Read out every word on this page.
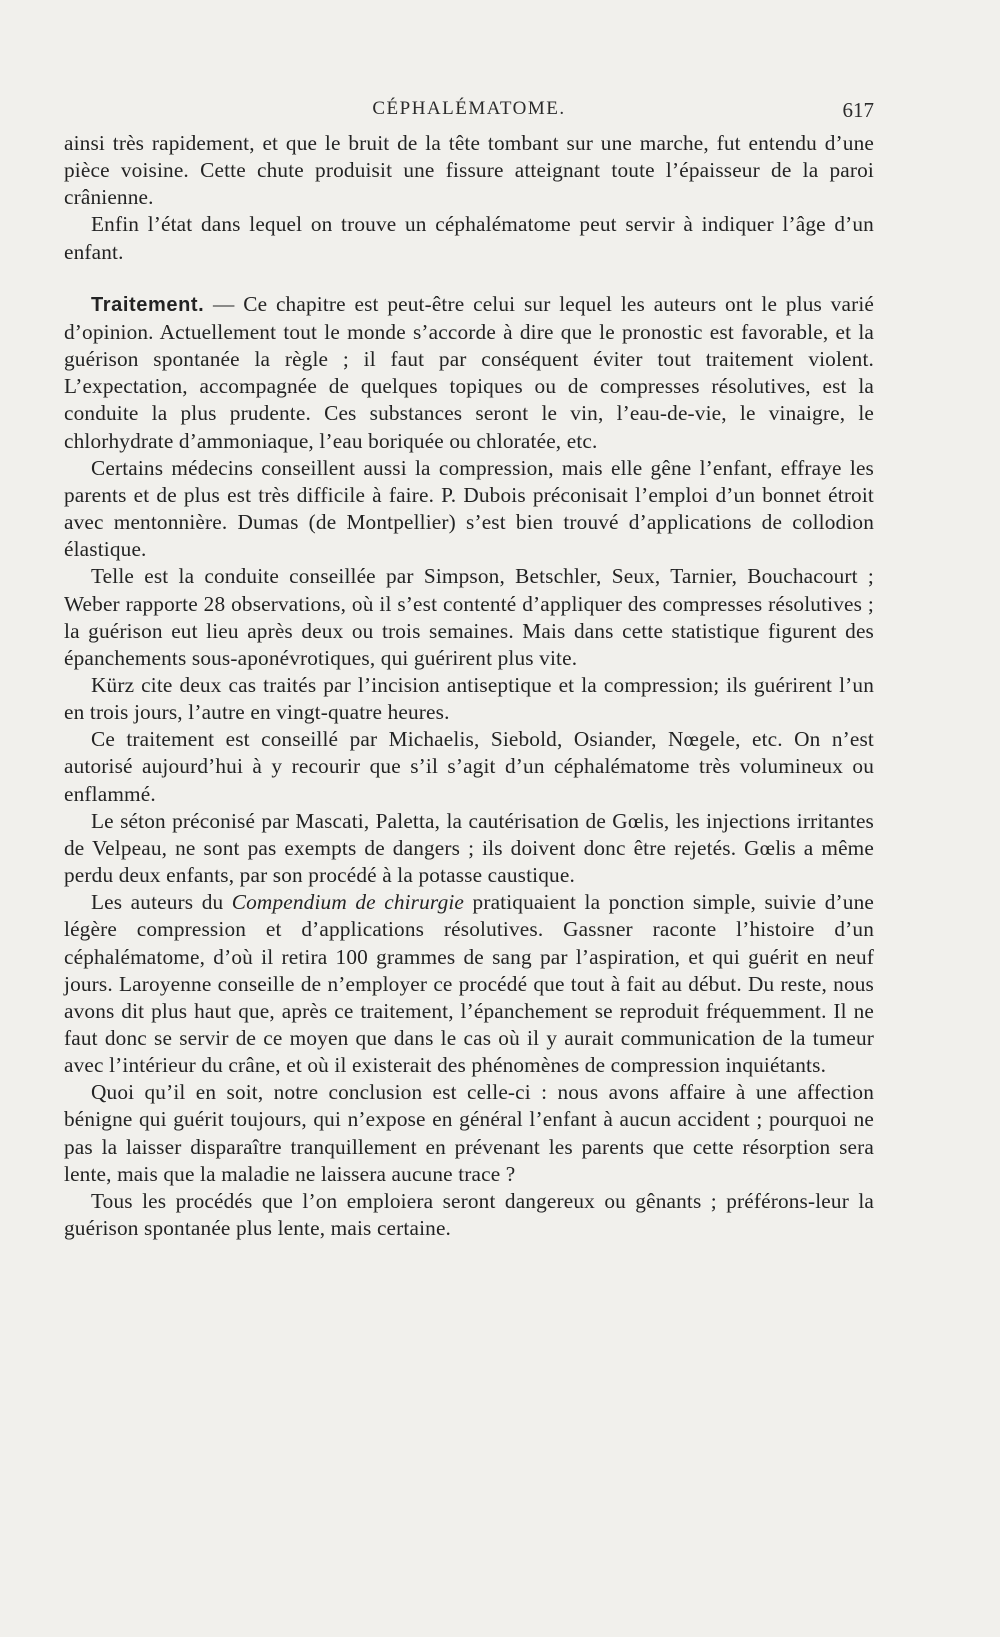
CÉPHALÉMATOME.	617

ainsi très rapidement, et que le bruit de la tête tombant sur une marche, fut entendu d’une pièce voisine. Cette chute produisit une fissure atteignant toute l’épaisseur de la paroi crânienne.

Enfin l’état dans lequel on trouve un céphalématome peut servir à indiquer l’âge d’un enfant.

Traitement. — Ce chapitre est peut-être celui sur lequel les auteurs ont le plus varié d’opinion. Actuellement tout le monde s’accorde à dire que le pronostic est favorable, et la guérison spontanée la règle ; il faut par conséquent éviter tout traitement violent. L’expectation, accompagnée de quelques topiques ou de compresses résolutives, est la conduite la plus prudente. Ces substances seront le vin, l’eau-de-vie, le vinaigre, le chlorhydrate d’ammoniaque, l’eau boriquée ou chloratée, etc.

Certains médecins conseillent aussi la compression, mais elle gêne l’enfant, effraye les parents et de plus est très difficile à faire. P. Dubois préconisait l’emploi d’un bonnet étroit avec mentonnière. Dumas (de Montpellier) s’est bien trouvé d’applications de collodion élastique.

Telle est la conduite conseillée par Simpson, Betschler, Seux, Tarnier, Bouchacourt ; Weber rapporte 28 observations, où il s’est contenté d’appliquer des compresses résolutives ; la guérison eut lieu après deux ou trois semaines. Mais dans cette statistique figurent des épanchements sous-aponévrotiques, qui guérirent plus vite.

Kürz cite deux cas traités par l’incision antiseptique et la compression; ils guérirent l’un en trois jours, l’autre en vingt-quatre heures.

Ce traitement est conseillé par Michaelis, Siebold, Osiander, Nœgele, etc. On n’est autorisé aujourd’hui à y recourir que s’il s’agit d’un céphalématome très volumineux ou enflammé.

Le séton préconisé par Mascati, Paletta, la cautérisation de Gœlis, les injections irritantes de Velpeau, ne sont pas exempts de dangers ; ils doivent donc être rejetés. Gœlis a même perdu deux enfants, par son procédé à la potasse caustique.

Les auteurs du Compendium de chirurgie pratiquaient la ponction simple, suivie d’une légère compression et d’applications résolutives. Gassner raconte l’histoire d’un céphalématome, d’où il retira 100 grammes de sang par l’aspiration, et qui guérit en neuf jours. Laroyenne conseille de n’employer ce procédé que tout à fait au début. Du reste, nous avons dit plus haut que, après ce traitement, l’épanchement se reproduit fréquemment. Il ne faut donc se servir de ce moyen que dans le cas où il y aurait communication de la tumeur avec l’intérieur du crâne, et où il existerait des phénomènes de compression inquiétants.

Quoi qu’il en soit, notre conclusion est celle-ci : nous avons affaire à une affection bénigne qui guérit toujours, qui n’expose en général l’enfant à aucun accident ; pourquoi ne pas la laisser disparaître tranquillement en prévenant les parents que cette résorption sera lente, mais que la maladie ne laissera aucune trace ?

Tous les procédés que l’on emploiera seront dangereux ou gênants ; préférons-leur la guérison spontanée plus lente, mais certaine.
